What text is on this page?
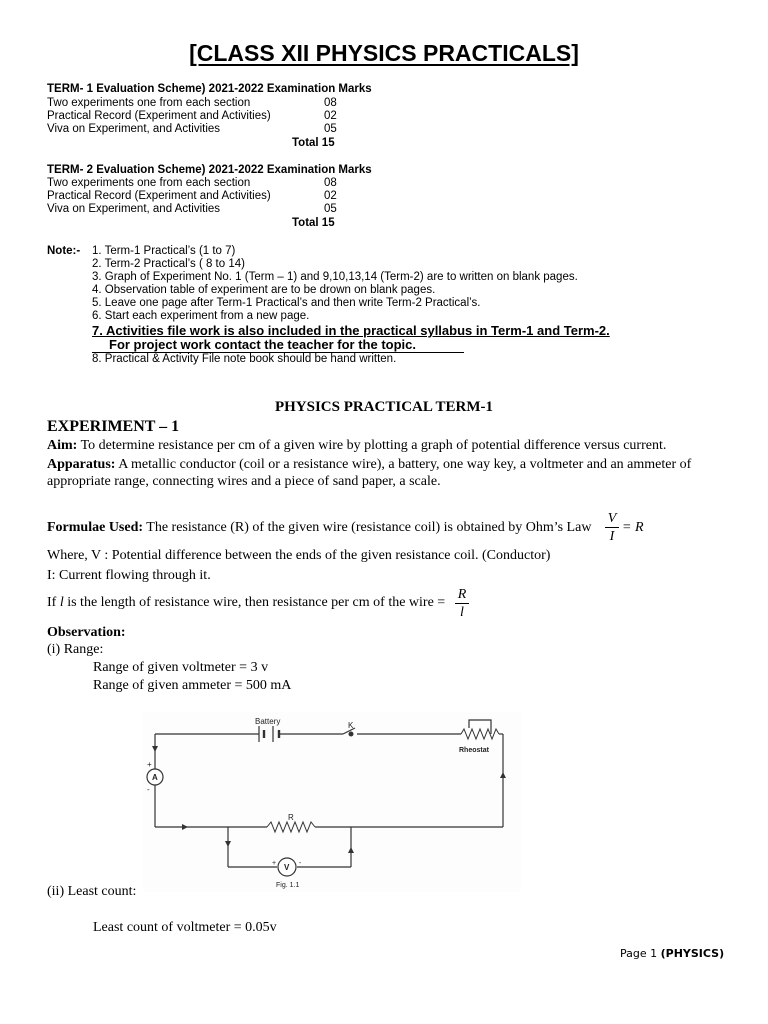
[CLASS XII PHYSICS PRACTICALS]
TERM- 1 Evaluation Scheme) 2021-2022 Examination Marks
Two experiments one from each section	08
Practical Record (Experiment and Activities)	02
Viva on Experiment, and Activities	05
Total 15
TERM- 2 Evaluation Scheme) 2021-2022 Examination Marks
Two experiments one from each section	08
Practical Record (Experiment and Activities)	02
Viva on Experiment, and Activities	05
Total 15
Note:- 1. Term-1 Practical’s (1 to 7)
2. Term-2 Practical’s ( 8 to 14)
3. Graph of Experiment No. 1 (Term – 1) and 9,10,13,14 (Term-2) are to written on blank pages.
4. Observation table of experiment are to be drown on blank pages.
5. Leave one page after Term-1 Practical’s and then write Term-2 Practical’s.
6. Start each experiment from a new page.
7. Activities file work is also included in the practical syllabus in Term-1 and Term-2.
For project work contact the teacher for the topic.
8. Practical & Activity File note book should be hand written.
PHYSICS PRACTICAL TERM-1
EXPERIMENT – 1
Aim: To determine resistance per cm of a given wire by plotting a graph of potential difference versus current.
Apparatus: A metallic conductor (coil or a resistance wire), a battery, one way key, a voltmeter and an ammeter of
appropriate range, connecting wires and a piece of sand paper, a scale.
Formulae Used: The resistance (R) of the given wire (resistance coil) is obtained by Ohm’s Law $\frac{V}{I} = R$
Where, V : Potential difference between the ends of the given resistance coil. (Conductor)
I: Current flowing through it.
If l is the length of resistance wire, then resistance per cm of the wire = $\frac{R}{l}$
Observation:
(i) Range:
Range of given voltmeter = 3 v
Range of given ammeter = 500 mA
Battery	K
Rheostat
A
+
-
R
V
+	-
Fig. 1.1
(ii) Least count:
Least count of voltmeter = 0.05v
Page 1 (PHYSICS)
